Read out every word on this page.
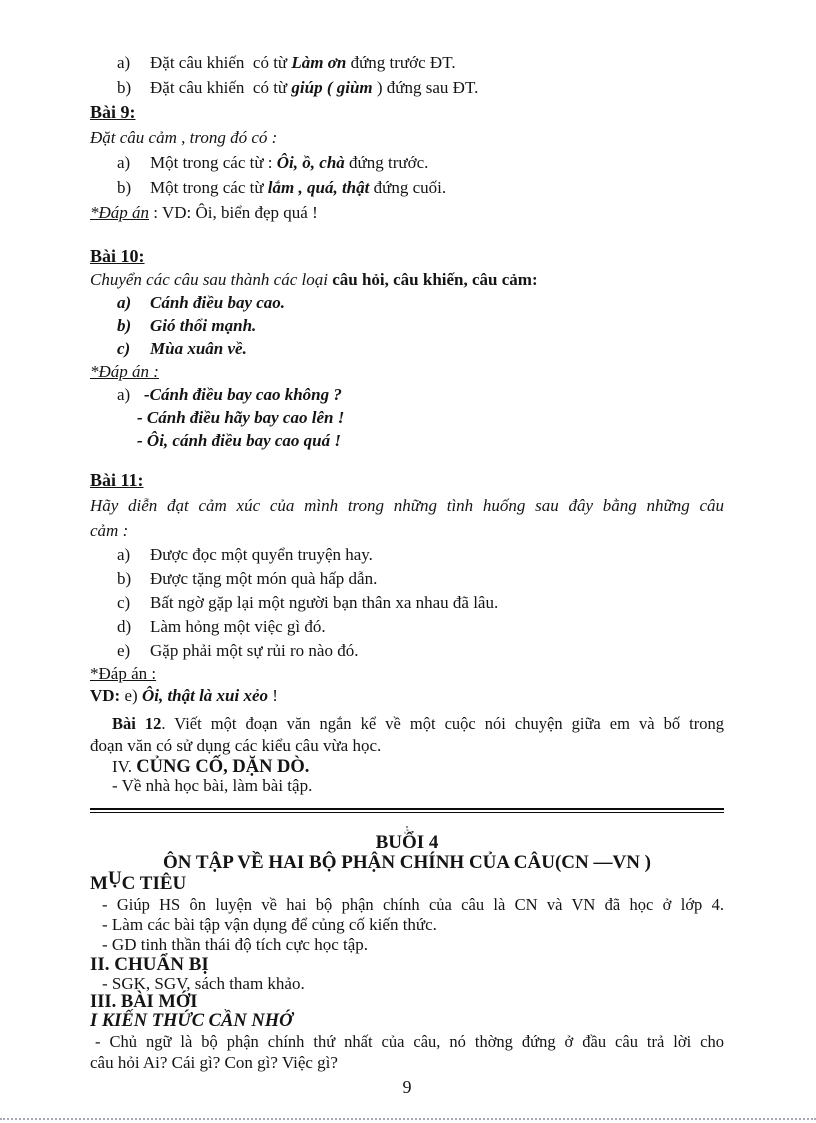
a) Đặt câu khiến  có từ Làm ơn đứng trước ĐT.

b) Đặt câu khiến  có từ giúp ( giùm ) đứng sau ĐT.

Bài 9:

Đặt câu cảm , trong đó có :

a) Một trong các từ : Ôi, ồ, chà đứng trước.

b) Một trong các từ lắm , quá, thật đứng cuối.

*Đáp án : VD: Ôi, biển đẹp quá !

Bài 10:

Chuyển các câu sau thành các loại câu hỏi, câu khiến, câu cảm:

a) Cánh điều bay cao.

b) Gió thổi mạnh.

c) Mùa xuân về.

*Đáp án :

a) -Cánh điều bay cao không ?

- Cánh điều hãy bay cao lên !

- Ôi, cánh điều bay cao quá !

Bài 11:

Hãy diễn đạt cảm xúc của mình trong những tình huống sau đây bằng những câu

cảm :

a) Được đọc một quyển truyện hay.

b) Được tặng một món quà hấp dẫn.

c) Bất ngờ gặp lại một người bạn thân xa nhau đã lâu.

d) Làm hỏng một việc gì đó.

e) Gặp phải một sự rủi ro nào đó.

*Đáp án :

VD: e) Ôi, thật là xui xẻo !

Bài 12. Viết một đoạn văn ngắn kể về một cuộc nói chuyện giữa em và bố trong

đoạn văn có sử dụng các kiểu câu vừa học.

IV. CỦNG CỐ, DẶN DÒ.

- Về nhà học bài, làm bài tập.

BUỔI 4

ÔN TẬP VỀ HAI BỘ PHẬN CHÍNH CỦA CÂU(CN —VN )

MỤC TIÊU

- Giúp HS ôn luyện về hai bộ phận chính của câu là CN và VN đã học ở lớp 4.

- Làm các bài tập vận dụng để củng cố kiến thức.

- GD tinh thần thái độ tích cực học tập.

II. CHUẨN BỊ

- SGK, SGV, sách tham khảo.

III. BÀI MỚI

I KIẾN THỨC CẦN NHỚ

- Chủ ngữ là bộ phận chính thứ nhất của câu, nó thờng đứng ở đầu câu trả lời cho

câu hỏi Ai? Cái gì? Con gì? Việc gì?

9
